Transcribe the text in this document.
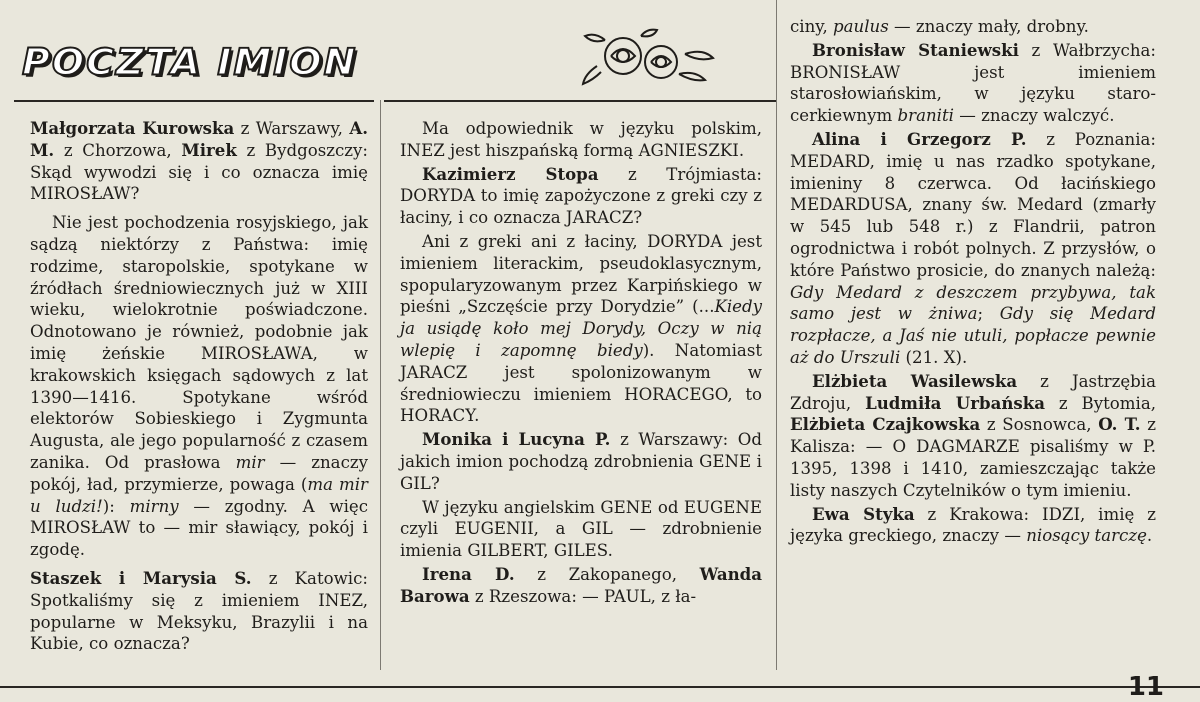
POCZTA IMION

Małgorzata Kurowska z Warszawy, A. M. z Chorzowa, Mirek z Bydgoszczy: Skąd wywodzi się i co oznacza imię MIROSŁAW?

Nie jest pochodzenia rosyjskiego, jak sądzą niektórzy z Państwa: imię rodzime, staropolskie, spotykane w źródłach średniowiecznych już w XIII wieku, wielokrotnie poświadczone. Odnotowano je również, podobnie jak imię żeńskie MIROSŁAWA, w krakowskich księgach sądowych z lat 1390—1416. Spotykane wśród elektorów Sobieskiego i Zygmunta Augusta, ale jego popularność z czasem zanika. Od prasłowa mir — znaczy pokój, ład, przymierze, powaga (ma mir u ludzi!): mirny — zgodny. A więc MIROSŁAW to — mir sławiący, pokój i zgodę.

Staszek i Marysia S. z Katowic: Spotkaliśmy się z imieniem INEZ, popularne w Meksyku, Brazylii i na Kubie, co oznacza?

Ma odpowiednik w języku polskim, INEZ jest hiszpańską formą AGNIESZKI.

Kazimierz Stopa z Trójmiasta: DORYDA to imię zapożyczone z greki czy z łaciny, i co oznacza JARACZ?

Ani z greki ani z łaciny, DORYDA jest imieniem literackim, pseudoklasycznym, spopularyzowanym przez Karpińskiego w pieśni „Szczęście przy Dorydzie” (...Kiedy ja usiądę koło mej Dorydy, Oczy w nią wlepię i zapomnę biedy). Natomiast JARACZ jest spolonizowanym w średniowieczu imieniem HORACEGO, to HORACY.

Monika i Lucyna P. z Warszawy: Od jakich imion pochodzą zdrobnienia GENE i GIL?

W języku angielskim GENE od EUGENE czyli EUGENII, a GIL — zdrobnienie imienia GILBERT, GILES.

Irena D. z Zakopanego, Wanda Barowa z Rzeszowa: — PAUL, z ła-

ciny, paulus — znaczy mały, drobny.

Bronisław Staniewski z Wałbrzycha: BRONISŁAW jest imieniem starosłowiańskim, w języku staro-cerkiewnym braniti — znaczy walczyć.

Alina i Grzegorz P. z Poznania: MEDARD, imię u nas rzadko spotykane, imieniny 8 czerwca. Od łacińskiego MEDARDUSA, znany św. Medard (zmarły w 545 lub 548 r.) z Flandrii, patron ogrodnictwa i robót polnych. Z przysłów, o które Państwo prosicie, do znanych należą: Gdy Medard z deszczem przybywa, tak samo jest w żniwa; Gdy się Medard rozpłacze, a Jaś nie utuli, popłacze pewnie aż do Urszuli (21. X).

Elżbieta Wasilewska z Jastrzębia Zdroju, Ludmiła Urbańska z Bytomia, Elżbieta Czajkowska z Sosnowca, O. T. z Kalisza: — O DAGMARZE pisaliśmy w P. 1395, 1398 i 1410, zamieszczając także listy naszych Czytelników o tym imieniu.

Ewa Styka z Krakowa: IDZI, imię z języka greckiego, znaczy — niosący tarczę.

11
